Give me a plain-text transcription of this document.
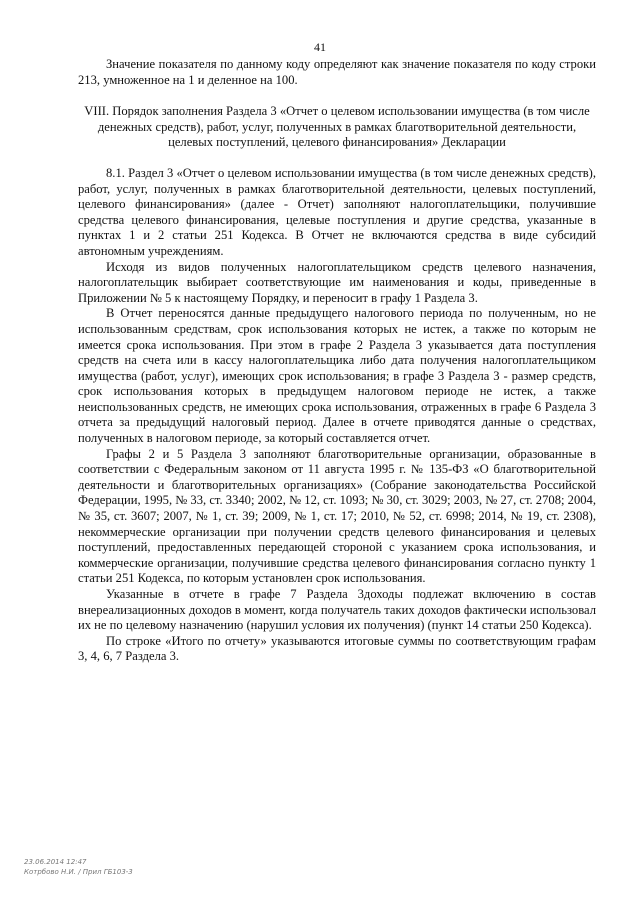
41

Значение показателя по данному коду определяют как значение показателя по коду строки 213, умноженное на 1 и деленное на 100.

VIII. Порядок заполнения Раздела 3 «Отчет о целевом использовании имущества (в том числе денежных средств), работ, услуг, полученных в рамках благотворительной деятельности, целевых поступлений, целевого финансирования» Декларации

8.1. Раздел 3 «Отчет о целевом использовании имущества (в том числе денежных средств), работ, услуг, полученных в рамках благотворительной деятельности, целевых поступлений, целевого финансирования» (далее - Отчет) заполняют налогоплательщики, получившие средства целевого финансирования, целевые поступления и другие средства, указанные в пунктах 1 и 2 статьи 251 Кодекса. В Отчет не включаются средства в виде субсидий автономным учреждениям.

Исходя из видов полученных налогоплательщиком средств целевого назначения, налогоплательщик выбирает соответствующие им наименования и коды, приведенные в Приложении № 5 к настоящему Порядку, и переносит в графу 1 Раздела 3.

В Отчет переносятся данные предыдущего налогового периода по полученным, но не использованным средствам, срок использования которых не истек, а также по которым не имеется срока использования. При этом в графе 2 Раздела 3 указывается дата поступления средств на счета или в кассу налогоплательщика либо дата получения налогоплательщиком имущества (работ, услуг), имеющих срок использования; в графе 3 Раздела 3 - размер средств, срок использования которых в предыдущем налоговом периоде не истек, а также неиспользованных средств, не имеющих срока использования, отраженных в графе 6 Раздела 3 отчета за предыдущий налоговый период. Далее в отчете приводятся данные о средствах, полученных в налоговом периоде, за который составляется отчет.

Графы 2 и 5 Раздела 3 заполняют благотворительные организации, образованные в соответствии с Федеральным законом от 11 августа 1995 г. № 135-ФЗ «О благотворительной деятельности и благотворительных организациях» (Собрание законодательства Российской Федерации, 1995, № 33, ст. 3340; 2002, № 12, ст. 1093; № 30, ст. 3029; 2003, № 27, ст. 2708; 2004, № 35, ст. 3607; 2007, № 1, ст. 39; 2009, № 1, ст. 17; 2010, № 52, ст. 6998; 2014, № 19, ст. 2308), некоммерческие организации при получении средств целевого финансирования и целевых поступлений, предоставленных передающей стороной с указанием срока использования, и коммерческие организации, получившие средства целевого финансирования согласно пункту 1 статьи 251 Кодекса, по которым установлен срок использования.

Указанные в отчете в графе 7 Раздела 3доходы подлежат включению в состав внереализационных доходов в момент, когда получатель таких доходов фактически использовал их не по целевому назначению (нарушил условия их получения) (пункт 14 статьи 250 Кодекса).

По строке «Итого по отчету» указываются итоговые суммы по соответствующим графам 3, 4, 6, 7 Раздела 3.

23.06.2014 12:47
Котрбово Н.И. / Прил ГБ103-3
